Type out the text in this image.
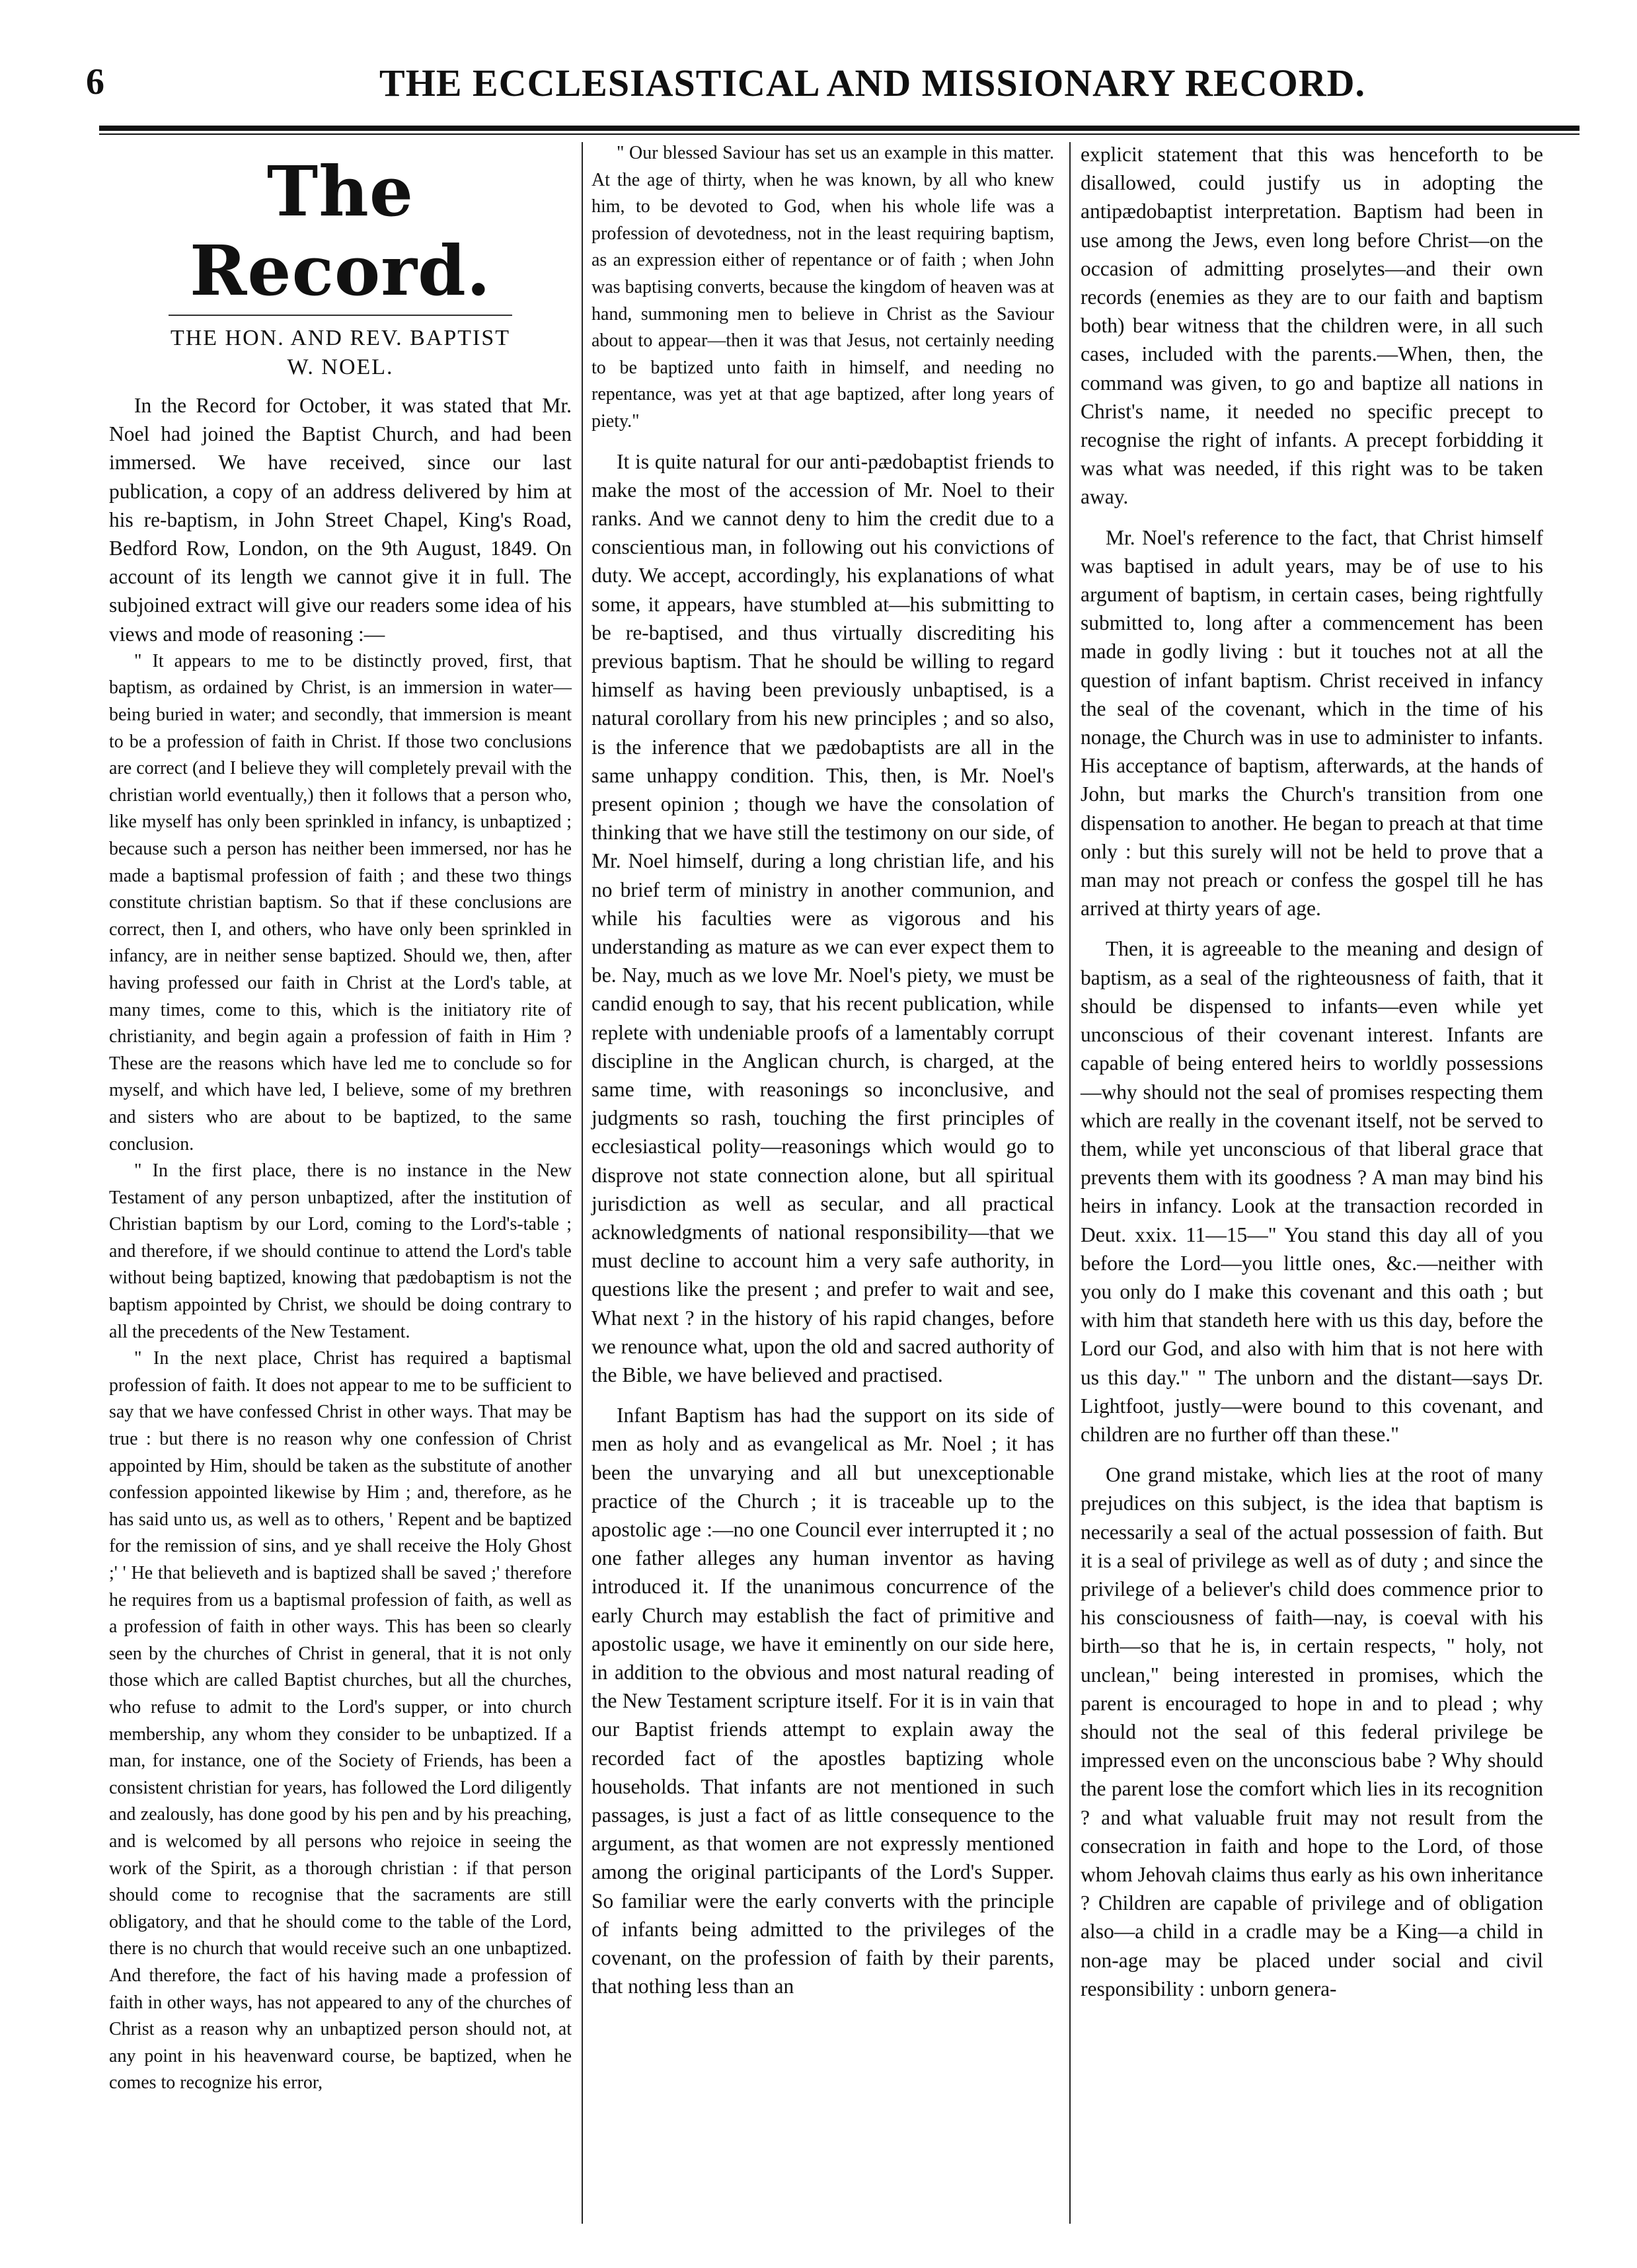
6	THE ECCLESIASTICAL AND MISSIONARY RECORD.
The Record.
THE HON. AND REV. BAPTIST
W. NOEL.

In the Record for October, it was stated that Mr. Noel had joined the Baptist Church, and had been immersed. We have received, since our last publication, a copy of an address delivered by him at his re-baptism, in John Street Chapel, King's Road, Bedford Row, London, on the 9th August, 1849. On account of its length we cannot give it in full. The subjoined extract will give our readers some idea of his views and mode of reasoning :—

" It appears to me to be distinctly proved, first, that baptism, as ordained by Christ, is an immersion in water—being buried in water; and secondly, that immersion is meant to be a profession of faith in Christ. If those two conclusions are correct (and I believe they will completely prevail with the christian world eventually,) then it follows that a person who, like myself has only been sprinkled in infancy, is unbaptized ; because such a person has neither been immersed, nor has he made a baptismal profession of faith ; and these two things constitute christian baptism. So that if these conclusions are correct, then I, and others, who have only been sprinkled in infancy, are in neither sense baptized. Should we, then, after having professed our faith in Christ at the Lord's table, at many times, come to this, which is the initiatory rite of christianity, and begin again a profession of faith in Him ? These are the reasons which have led me to conclude so for myself, and which have led, I believe, some of my brethren and sisters who are about to be baptized, to the same conclusion.

" In the first place, there is no instance in the New Testament of any person unbaptized, after the institution of Christian baptism by our Lord, coming to the Lord's-table ; and therefore, if we should continue to attend the Lord's table without being baptized, knowing that pædobaptism is not the baptism appointed by Christ, we should be doing contrary to all the precedents of the New Testament.

" In the next place, Christ has required a baptismal profession of faith. It does not appear to me to be sufficient to say that we have confessed Christ in other ways. That may be true : but there is no reason why one confession of Christ appointed by Him, should be taken as the substitute of another confession appointed likewise by Him ; and, therefore, as he has said unto us, as well as to others, ' Repent and be baptized for the remission of sins, and ye shall receive the Holy Ghost ;' ' He that believeth and is baptized shall be saved ;' therefore he requires from us a baptismal profession of faith, as well as a profession of faith in other ways. This has been so clearly seen by the churches of Christ in general, that it is not only those which are called Baptist churches, but all the churches, who refuse to admit to the Lord's supper, or into church membership, any whom they consider to be unbaptized. If a man, for instance, one of the Society of Friends, has been a consistent christian for years, has followed the Lord diligently and zealously, has done good by his pen and by his preaching, and is welcomed by all persons who rejoice in seeing the work of the Spirit, as a thorough christian : if that person should come to recognise that the sacraments are still obligatory, and that he should come to the table of the Lord, there is no church that would receive such an one unbaptized. And therefore, the fact of his having made a profession of faith in other ways, has not appeared to any of the churches of Christ as a reason why an unbaptized person should not, at any point in his heavenward course, be baptized, when he comes to recognize his error,

" Our blessed Saviour has set us an example in this matter. At the age of thirty, when he was known, by all who knew him, to be devoted to God, when his whole life was a profession of devotedness, not in the least requiring baptism, as an expression either of repentance or of faith ; when John was baptising converts, because the kingdom of heaven was at hand, summoning men to believe in Christ as the Saviour about to appear—then it was that Jesus, not certainly needing to be baptized unto faith in himself, and needing no repentance, was yet at that age baptized, after long years of piety."

It is quite natural for our anti-pædobaptist friends to make the most of the accession of Mr. Noel to their ranks. And we cannot deny to him the credit due to a conscientious man, in following out his convictions of duty. We accept, accordingly, his explanations of what some, it appears, have stumbled at—his submitting to be re-baptised, and thus virtually discrediting his previous baptism. That he should be willing to regard himself as having been previously unbaptised, is a natural corollary from his new principles ; and so also, is the inference that we pædobaptists are all in the same unhappy condition. This, then, is Mr. Noel's present opinion ; though we have the consolation of thinking that we have still the testimony on our side, of Mr. Noel himself, during a long christian life, and his no brief term of ministry in another communion, and while his faculties were as vigorous and his understanding as mature as we can ever expect them to be. Nay, much as we love Mr. Noel's piety, we must be candid enough to say, that his recent publication, while replete with undeniable proofs of a lamentably corrupt discipline in the Anglican church, is charged, at the same time, with reasonings so inconclusive, and judgments so rash, touching the first principles of ecclesiastical polity—reasonings which would go to disprove not state connection alone, but all spiritual jurisdiction as well as secular, and all practical acknowledgments of national responsibility—that we must decline to account him a very safe authority, in questions like the present ; and prefer to wait and see, What next ? in the history of his rapid changes, before we renounce what, upon the old and sacred authority of the Bible, we have believed and practised.

Infant Baptism has had the support on its side of men as holy and as evangelical as Mr. Noel ; it has been the unvarying and all but unexceptionable practice of the Church ; it is traceable up to the apostolic age :—no one Council ever interrupted it ; no one father alleges any human inventor as having introduced it. If the unanimous concurrence of the early Church may establish the fact of primitive and apostolic usage, we have it eminently on our side here, in addition to the obvious and most natural reading of the New Testament scripture itself. For it is in vain that our Baptist friends attempt to explain away the recorded fact of the apostles baptizing whole households. That infants are not mentioned in such passages, is just a fact of as little consequence to the argument, as that women are not expressly mentioned among the original participants of the Lord's Supper. So familiar were the early converts with the principle of infants being admitted to the privileges of the covenant, on the profession of faith by their parents, that nothing less than an

explicit statement that this was henceforth to be disallowed, could justify us in adopting the antipædobaptist interpretation. Baptism had been in use among the Jews, even long before Christ—on the occasion of admitting proselytes—and their own records (enemies as they are to our faith and baptism both) bear witness that the children were, in all such cases, included with the parents.—When, then, the command was given, to go and baptize all nations in Christ's name, it needed no specific precept to recognise the right of infants. A precept forbidding it was what was needed, if this right was to be taken away.

Mr. Noel's reference to the fact, that Christ himself was baptised in adult years, may be of use to his argument of baptism, in certain cases, being rightfully submitted to, long after a commencement has been made in godly living : but it touches not at all the question of infant baptism. Christ received in infancy the seal of the covenant, which in the time of his nonage, the Church was in use to administer to infants. His acceptance of baptism, afterwards, at the hands of John, but marks the Church's transition from one dispensation to another. He began to preach at that time only : but this surely will not be held to prove that a man may not preach or confess the gospel till he has arrived at thirty years of age.

Then, it is agreeable to the meaning and design of baptism, as a seal of the righteousness of faith, that it should be dispensed to infants—even while yet unconscious of their covenant interest. Infants are capable of being entered heirs to worldly possessions—why should not the seal of promises respecting them which are really in the covenant itself, not be served to them, while yet unconscious of that liberal grace that prevents them with its goodness ? A man may bind his heirs in infancy. Look at the transaction recorded in Deut. xxix. 11—15—" You stand this day all of you before the Lord—you little ones, &c.—neither with you only do I make this covenant and this oath ; but with him that standeth here with us this day, before the Lord our God, and also with him that is not here with us this day." " The unborn and the distant—says Dr. Lightfoot, justly—were bound to this covenant, and children are no further off than these."

One grand mistake, which lies at the root of many prejudices on this subject, is the idea that baptism is necessarily a seal of the actual possession of faith. But it is a seal of privilege as well as of duty ; and since the privilege of a believer's child does commence prior to his consciousness of faith—nay, is coeval with his birth—so that he is, in certain respects, " holy, not unclean," being interested in promises, which the parent is encouraged to hope in and to plead ; why should not the seal of this federal privilege be impressed even on the unconscious babe ? Why should the parent lose the comfort which lies in its recognition ? and what valuable fruit may not result from the consecration in faith and hope to the Lord, of those whom Jehovah claims thus early as his own inheritance ? Children are capable of privilege and of obligation also—a child in a cradle may be a King—a child in non-age may be placed under social and civil responsibility : unborn genera-
